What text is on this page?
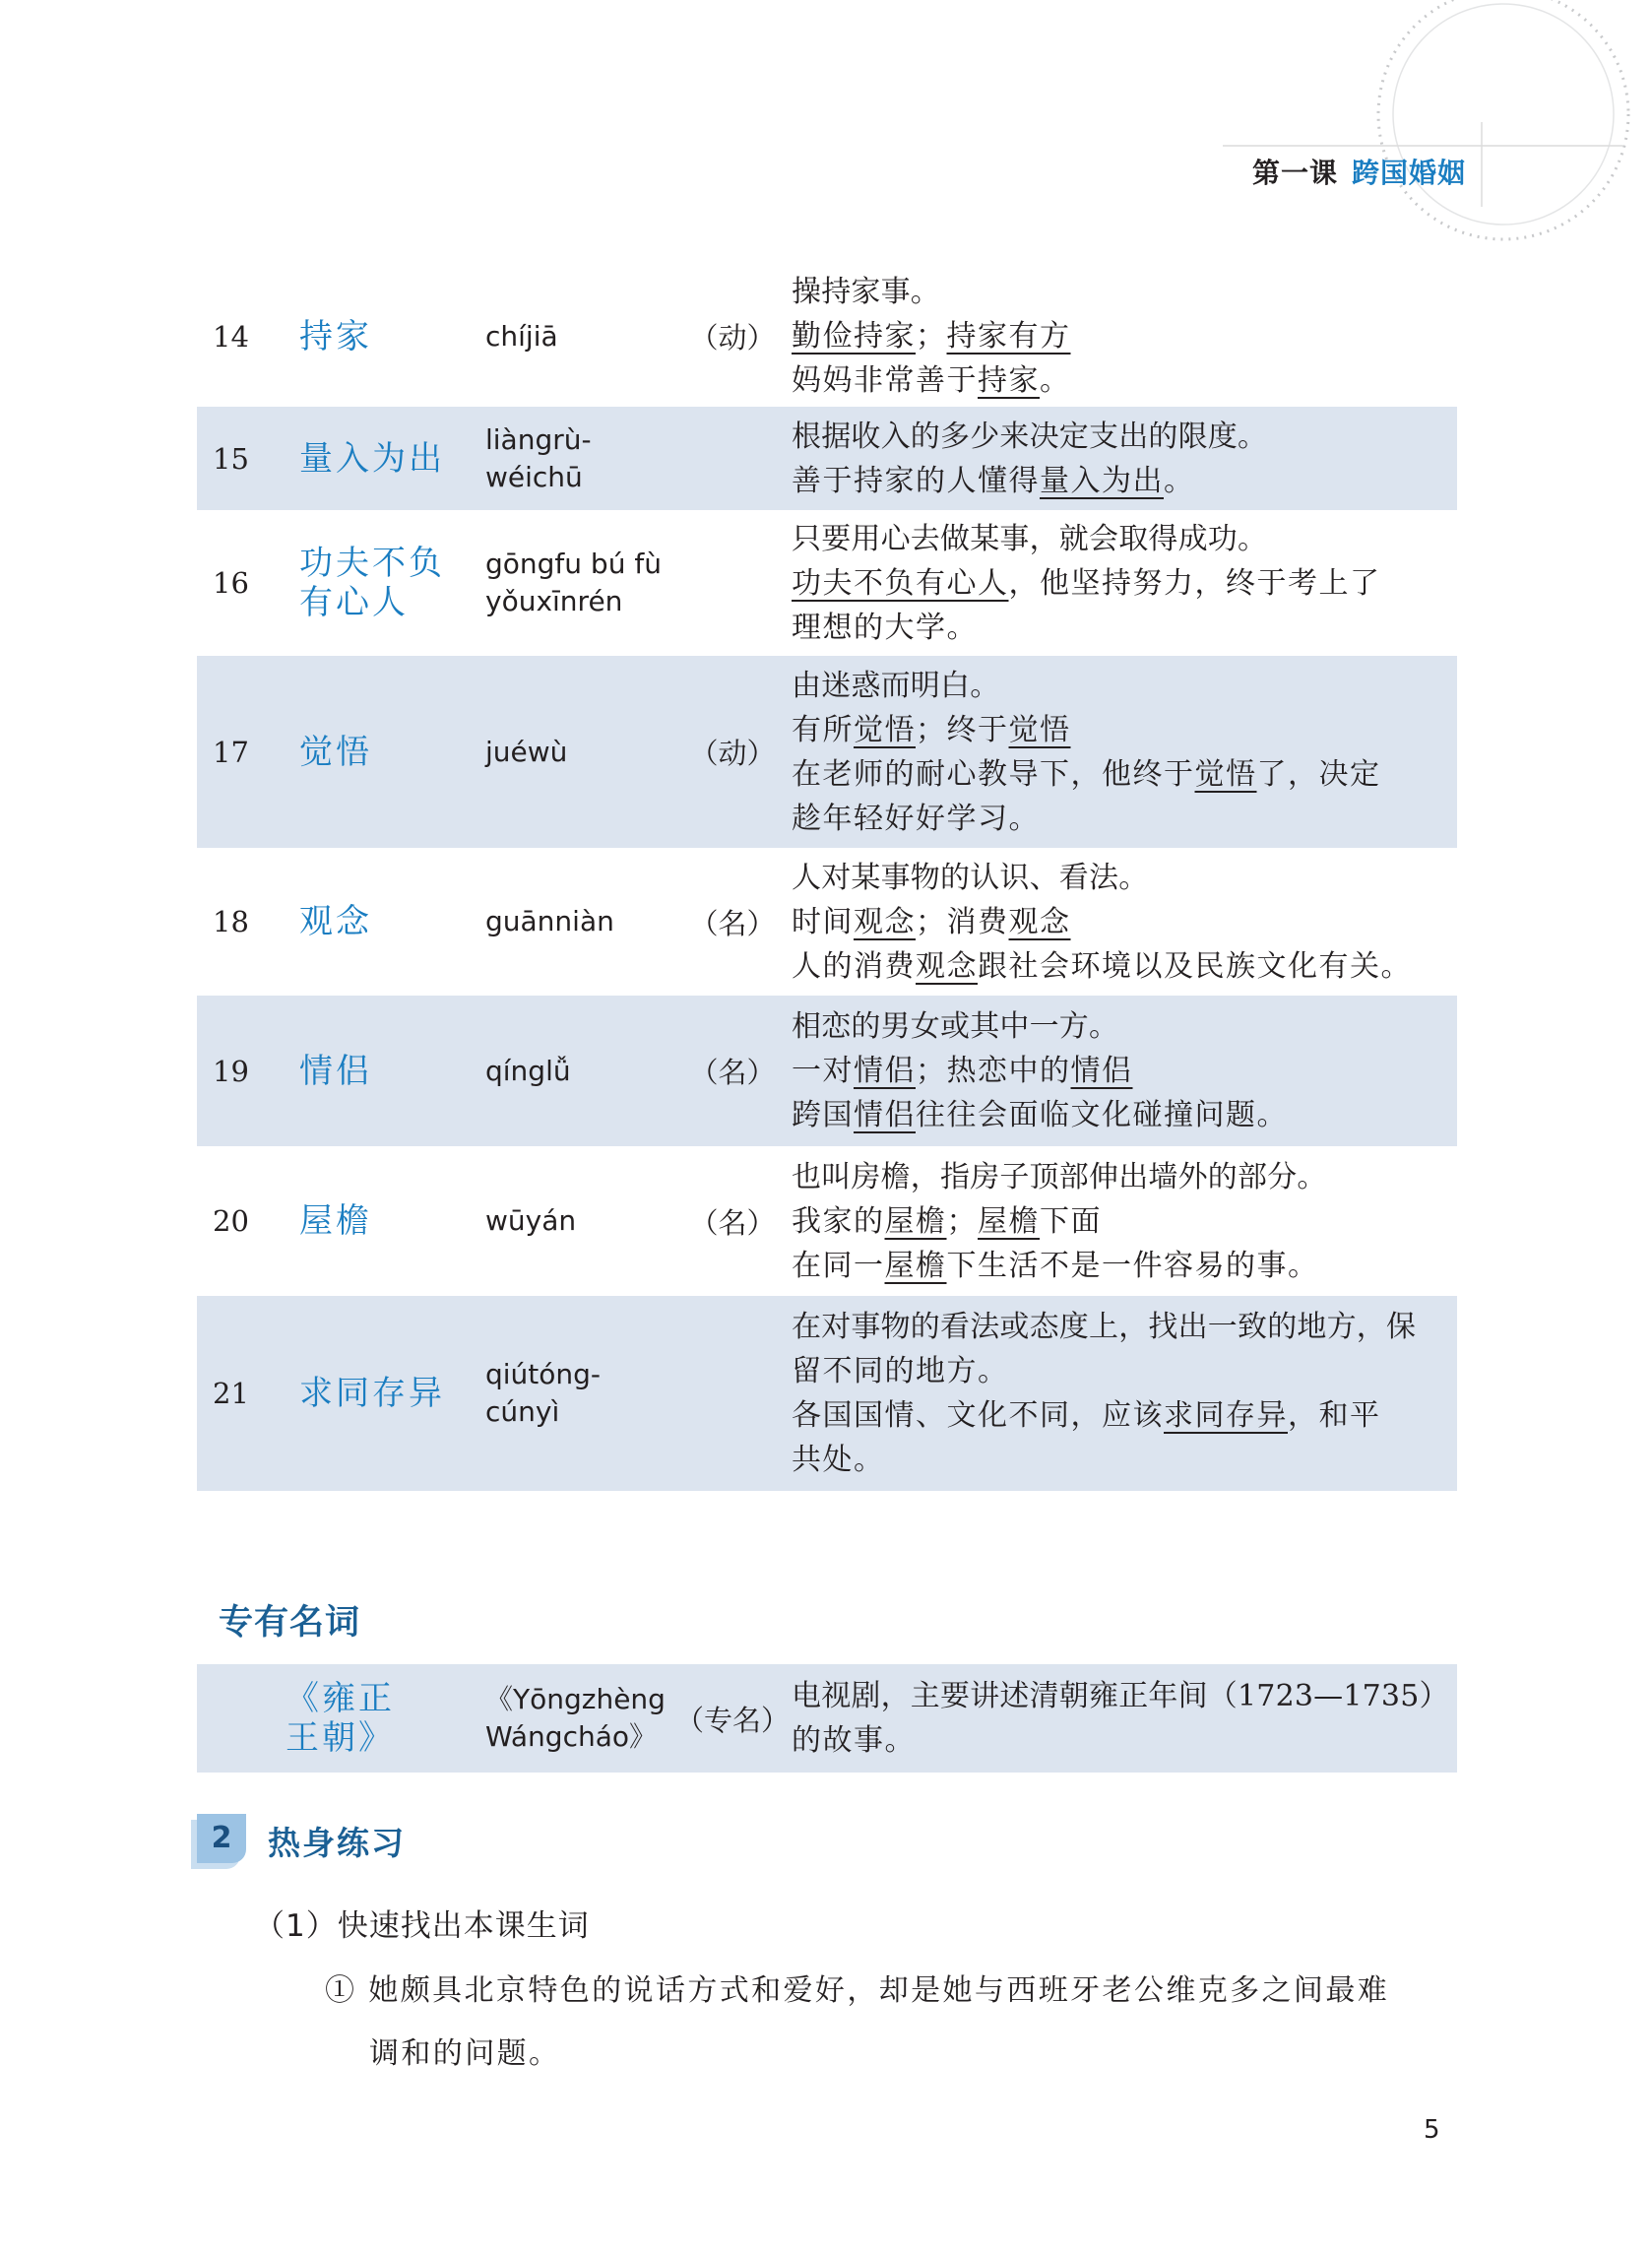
第一课 跨国婚姻
14	持家	chíjiā	（动）
操持家事。
勤俭持家；持家有方
妈妈非常善于持家。
15	量入为出	liàngrù-
wéichū
根据收入的多少来决定支出的限度。
善于持家的人懂得量入为出。
16	功夫不负
有心人
gōngfu bú fù
yǒuxīnrén
只要用心去做某事，就会取得成功。
功夫不负有心人，他坚持努力，终于考上了
理想的大学。
17	觉悟	juéwù	（动）
由迷惑而明白。
有所觉悟；终于觉悟
在老师的耐心教导下，他终于觉悟了，决定
趁年轻好好学习。
18	观念	guānniàn	（名）
人对某事物的认识、看法。
时间观念；消费观念
人的消费观念跟社会环境以及民族文化有关。
19	情侣	qínglǚ	（名）
相恋的男女或其中一方。
一对情侣；热恋中的情侣
跨国情侣往往会面临文化碰撞问题。
20	屋檐	wūyán	（名）
也叫房檐，指房子顶部伸出墙外的部分。
我家的屋檐；屋檐下面
在同一屋檐下生活不是一件容易的事。
21	求同存异	qiútóng-
cúnyì
在对事物的看法或态度上，找出一致的地方，保
留不同的地方。
各国国情、文化不同，应该求同存异，和平
共处。
专有名词
《雍正
王朝》
《Yōngzhèng
Wángcháo》 （专名）
电视剧，主要讲述清朝雍正年间（1723—1735）
的故事。
2	热身练习
（1）快速找出本课生词
① 她颇具北京特色的说话方式和爱好，却是她与西班牙老公维克多之间最难
调和的问题。
5
